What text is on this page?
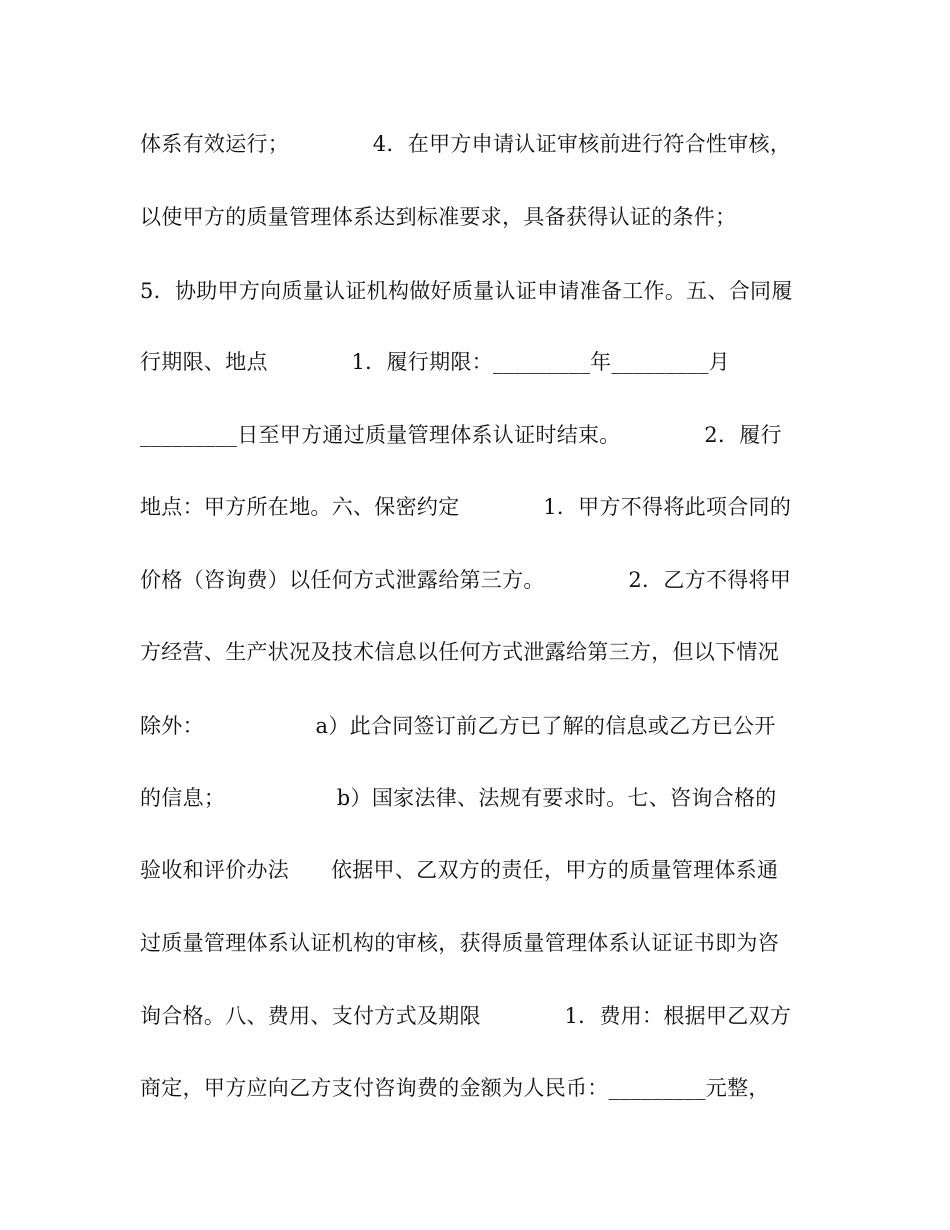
体系有效运行；            4．在甲方申请认证审核前进行符合性审核，
以使甲方的质量管理体系达到标准要求，具备获得认证的条件；
5．协助甲方向质量认证机构做好质量认证申请准备工作。五、合同履
行期限、地点            1．履行期限：_________年_________月
_________日至甲方通过质量管理体系认证时结束。            2．履行
地点：甲方所在地。六、保密约定            1．甲方不得将此项合同的
价格（咨询费）以任何方式泄露给第三方。            2．乙方不得将甲
方经营、生产状况及技术信息以任何方式泄露给第三方，但以下情况
除外：                a）此合同签订前乙方已了解的信息或乙方已公开
的信息；                b）国家法律、法规有要求时。七、咨询合格的
验收和评价办法      依据甲、乙双方的责任，甲方的质量管理体系通
过质量管理体系认证机构的审核，获得质量管理体系认证证书即为咨
询合格。八、费用、支付方式及期限            1．费用：根据甲乙双方
商定，甲方应向乙方支付咨询费的金额为人民币：_________元整，
